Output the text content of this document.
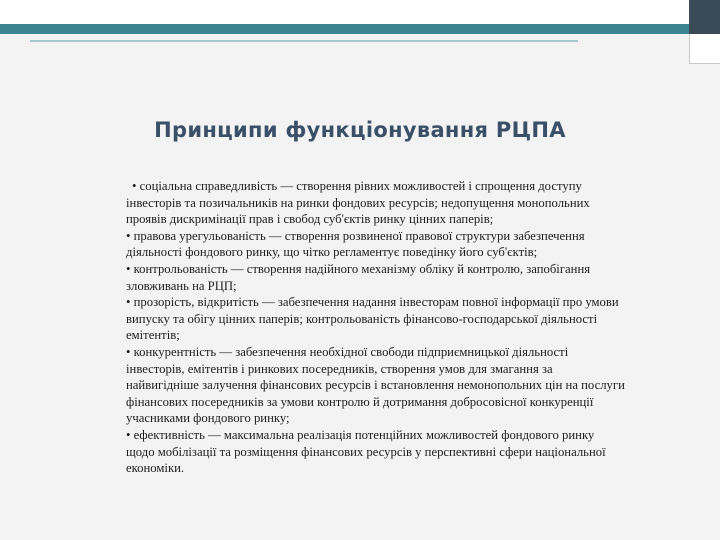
Принципи функціонування РЦПА
• соціальна справедливість — створення рівних можливостей і спрощення доступу
інвесторів та позичальників на ринки фондових ресурсів; недопущення монопольних
проявів дискримінації прав і свобод суб'єктів ринку цінних паперів;
• правова урегульованість — створення розвиненої правової структури забезпечення
діяльності фондового ринку, що чітко регламентує поведінку його суб'єктів;
• контрольованість — створення надійного механізму обліку й контролю, запобігання
зловживань на РЦП;
• прозорість, відкритість — забезпечення надання інвесторам повної інформації про умови
випуску та обігу цінних паперів; контрольованість фінансово-господарської діяльності
емітентів;
• конкурентність — забезпечення необхідної свободи підприємницької діяльності
інвесторів, емітентів і ринкових посередників, створення умов для змагання за
найвигідніше залучення фінансових ресурсів і встановлення немонопольних цін на послуги
фінансових посередників за умови контролю й дотримання добросовісної конкуренції
учасниками фондового ринку;
• ефективність — максимальна реалізація потенційних можливостей фондового ринку
щодо мобілізації та розміщення фінансових ресурсів у перспективні сфери національної
економіки.
